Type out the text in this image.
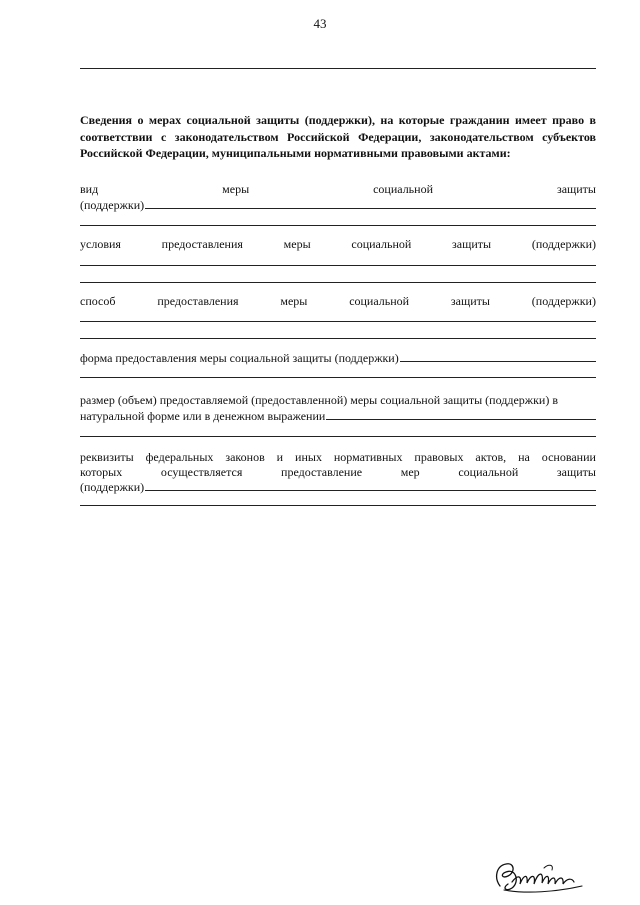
43
Сведения о мерах социальной защиты (поддержки), на которые гражданин имеет право в соответствии с законодательством Российской Федерации, законодательством субъектов Российской Федерации, муниципальными нормативными правовыми актами:
вид	меры	социальной	защиты
(поддержки)
условия	предоставления	меры	социальной	защиты	(поддержки)
способ	предоставления	меры	социальной	защиты	(поддержки)
форма предоставления меры социальной защиты (поддержки)
размер (объем) предоставляемой (предоставленной) меры социальной защиты (поддержки) в
натуральной форме или в денежном выражении
реквизиты федеральных законов и иных нормативных правовых актов, на основании
которых	осуществляется	предоставление	мер	социальной	защиты
(поддержки)
